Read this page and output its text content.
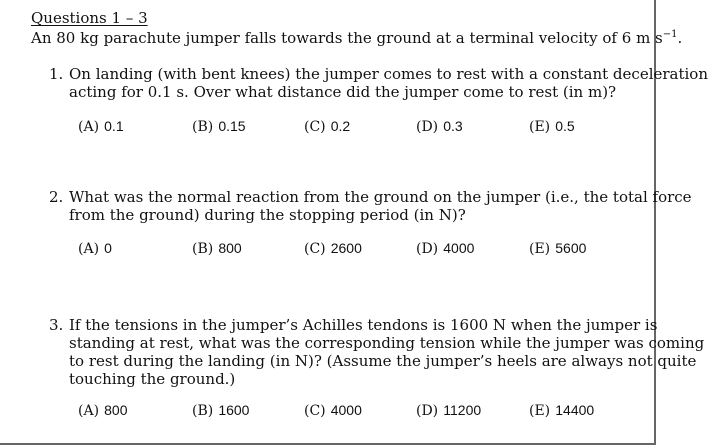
Questions 1 – 3
An 80 kg parachute jumper falls towards the ground at a terminal velocity of 6 m $s^{-1}$.
1. On landing (with bent knees) the jumper comes to rest with a constant deceleration
acting for 0.1 s. Over what distance did the jumper come to rest (in m)?
(A) 0.1	(B) 0.15	(C) 0.2	(D) 0.3	(E) 0.5
2. What was the normal reaction from the ground on the jumper (i.e., the total force
from the ground) during the stopping period (in N)?
(A) 0	(B) 800	(C) 2600	(D) 4000	(E) 5600
3. If the tensions in the jumper’s Achilles tendons is 1600 N when the jumper is
standing at rest, what was the corresponding tension while the jumper was coming
to rest during the landing (in N)? (Assume the jumper’s heels are always not quite
touching the ground.)
(A) 800	(B) 1600	(C) 4000	(D) 11200	(E) 14400
